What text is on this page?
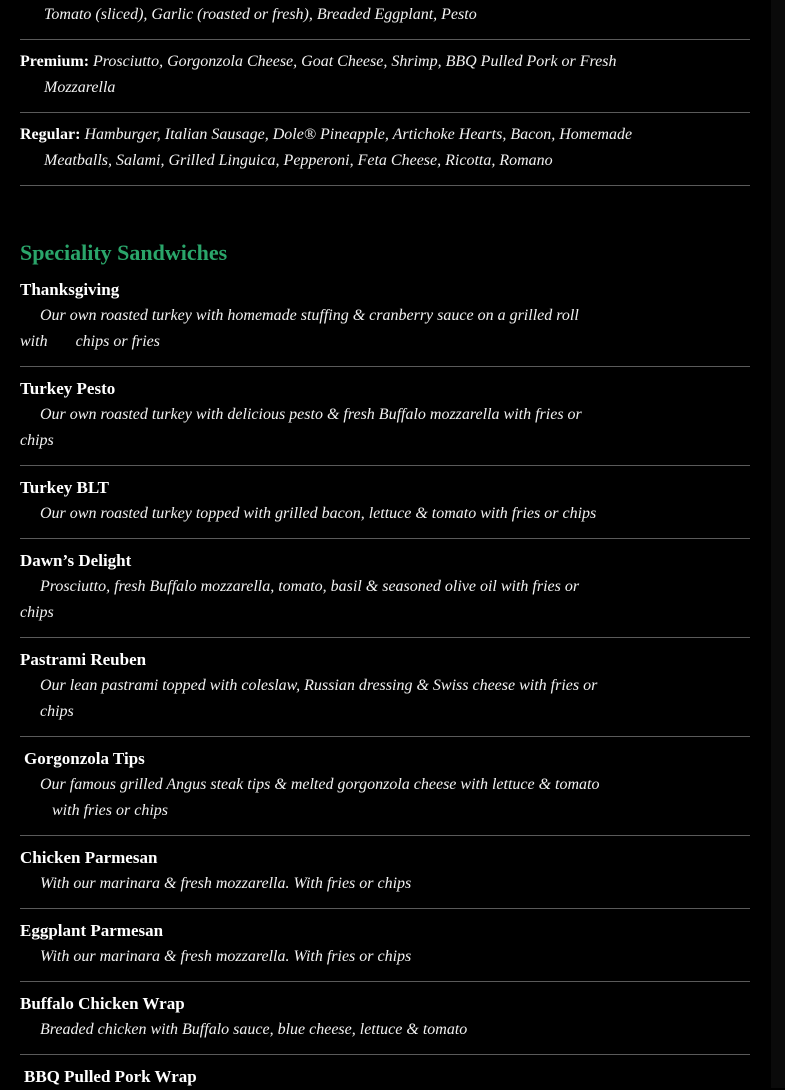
Tomato (sliced), Garlic (roasted or fresh), Breaded Eggplant, Pesto
Premium: Prosciutto, Gorgonzola Cheese, Goat Cheese, Shrimp, BBQ Pulled Pork or Fresh
Mozzarella
Regular: Hamburger, Italian Sausage, Dole® Pineapple, Artichoke Hearts, Bacon, Homemade
Meatballs, Salami, Grilled Linguica, Pepperoni, Feta Cheese, Ricotta, Romano
Speciality Sandwiches
Thanksgiving
Our own roasted turkey with homemade stuffing & cranberry sauce on a grilled roll
with chips or fries
Turkey Pesto
Our own roasted turkey with delicious pesto & fresh Buffalo mozzarella with fries or
chips
Turkey BLT
Our own roasted turkey topped with grilled bacon, lettuce & tomato with fries or chips
Dawn’s Delight
Prosciutto, fresh Buffalo mozzarella, tomato, basil & seasoned olive oil with fries or
chips
Pastrami Reuben
Our lean pastrami topped with coleslaw, Russian dressing & Swiss cheese with fries or
chips
Gorgonzola Tips
Our famous grilled Angus steak tips & melted gorgonzola cheese with lettuce & tomato
with fries or chips
Chicken Parmesan
With our marinara & fresh mozzarella. With fries or chips
Eggplant Parmesan
With our marinara & fresh mozzarella. With fries or chips
Buffalo Chicken Wrap
Breaded chicken with Buffalo sauce, blue cheese, lettuce & tomato
BBQ Pulled Pork Wrap
